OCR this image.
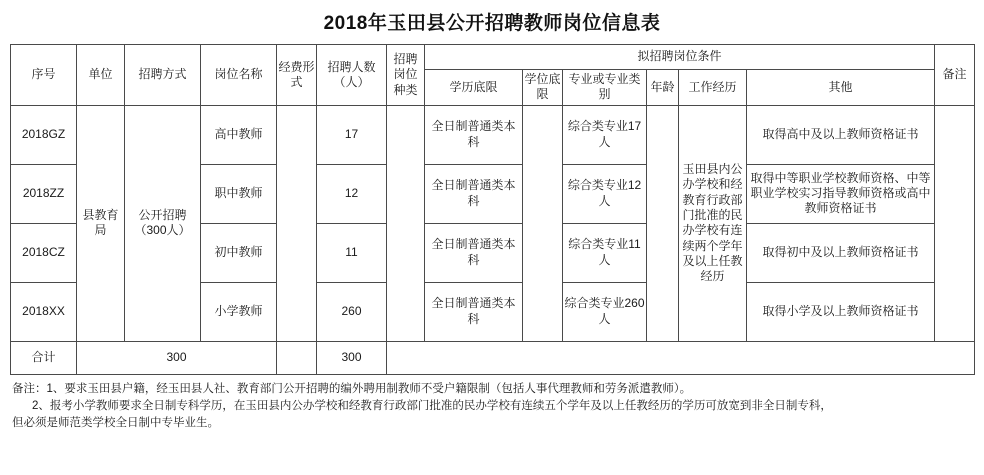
2018年玉田县公开招聘教师岗位信息表
序号	单位	招聘方式	岗位名称	经费形式	招聘人数（人）	招聘岗位种类	拟招聘岗位条件						备注
							学历底限	学位底限	专业或专业类别	年龄	工作经历	其他	
2018GZ	县教育局	公开招聘（300人）	高中教师		17		全日制普通类本科		综合类专业17人		玉田县内公办学校和经教育行政部门批准的民办学校有连续两个学年及以上任教经历	取得高中及以上教师资格证书	
2018ZZ			职中教师		12		全日制普通类本科		综合类专业12人			取得中等职业学校教师资格、中等职业学校实习指导教师资格或高中教师资格证书	
2018CZ			初中教师		11		全日制普通类本科		综合类专业11人			取得初中及以上教师资格证书	
2018XX			小学教师		260		全日制普通类本科		综合类专业260人			取得小学及以上教师资格证书	
合计	300				300								
备注：1、要求玉田县户籍，经玉田县人社、教育部门公开招聘的编外聘用制教师不受户籍限制（包括人事代理教师和劳务派遣教师）。
2、报考小学教师要求全日制专科学历，在玉田县内公办学校和经教育行政部门批准的民办学校有连续五个学年及以上任教经历的学历可放宽到非全日制专科，
但必须是师范类学校全日制中专毕业生。
